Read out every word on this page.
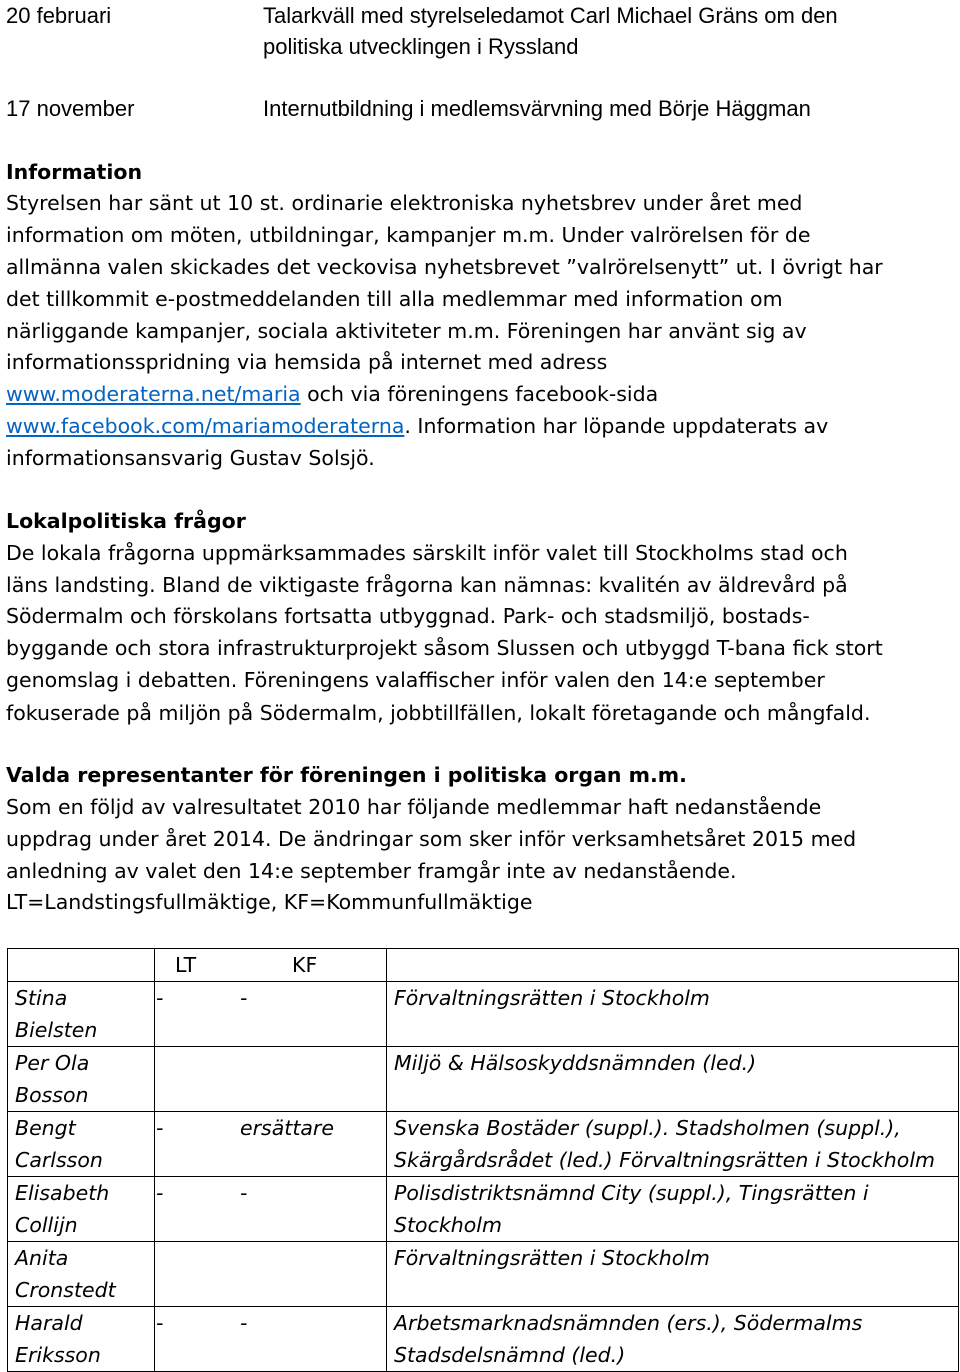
20 februari	Talarkväll med styrelseledamot Carl Michael Gräns om den
politiska utvecklingen i Ryssland
17 november	Internutbildning i medlemsvärvning med Börje Häggman
Information
Styrelsen har sänt ut 10 st. ordinarie elektroniska nyhetsbrev under året med
information om möten, utbildningar, kampanjer m.m. Under valrörelsen för de
allmänna valen skickades det veckovisa nyhetsbrevet ”valrörelsenytt” ut. I övrigt har
det tillkommit e-postmeddelanden till alla medlemmar med information om
närliggande kampanjer, sociala aktiviteter m.m. Föreningen har använt sig av
informationsspridning via hemsida på internet med adress
www.moderaterna.net/maria och via föreningens facebook-sida
www.facebook.com/mariamoderaterna. Information har löpande uppdaterats av
informationsansvarig Gustav Solsjö.
Lokalpolitiska frågor
De lokala frågorna uppmärksammades särskilt inför valet till Stockholms stad och
läns landsting. Bland de viktigaste frågorna kan nämnas: kvalitén av äldrevård på
Södermalm och förskolans fortsatta utbyggnad. Park- och stadsmiljö, bostads-
byggande och stora infrastrukturprojekt såsom Slussen och utbyggd T-bana fick stort
genomslag i debatten. Föreningens valaffischer inför valen den 14:e september
fokuserade på miljön på Södermalm, jobbtillfällen, lokalt företagande och mångfald.
Valda representanter för föreningen i politiska organ m.m.
Som en följd av valresultatet 2010 har följande medlemmar haft nedanstående
uppdrag under året 2014. De ändringar som sker inför verksamhetsåret 2015 med
anledning av valet den 14:e september framgår inte av nedanstående.
LT=Landstingsfullmäktige, KF=Kommunfullmäktige

	LT KF	

Stina
Bielsten	- -	Förvaltningsrätten i Stockholm

Per Ola
Bosson		Miljö & Hälsoskyddsnämnden (led.)

Bengt
Carlsson	- ersättare	Svenska Bostäder (suppl.). Stadsholmen (suppl.),
Skärgårdsrådet (led.) Förvaltningsrätten i Stockholm
Elisabeth
Collijn	- -	Polisdistriktsnämnd City (suppl.), Tingsrätten i
Stockholm
Anita
Cronstedt		Förvaltningsrätten i Stockholm

Harald
Eriksson	- -	Arbetsmarknadsnämnden (ers.), Södermalms
Stadsdelsnämnd (led.)
